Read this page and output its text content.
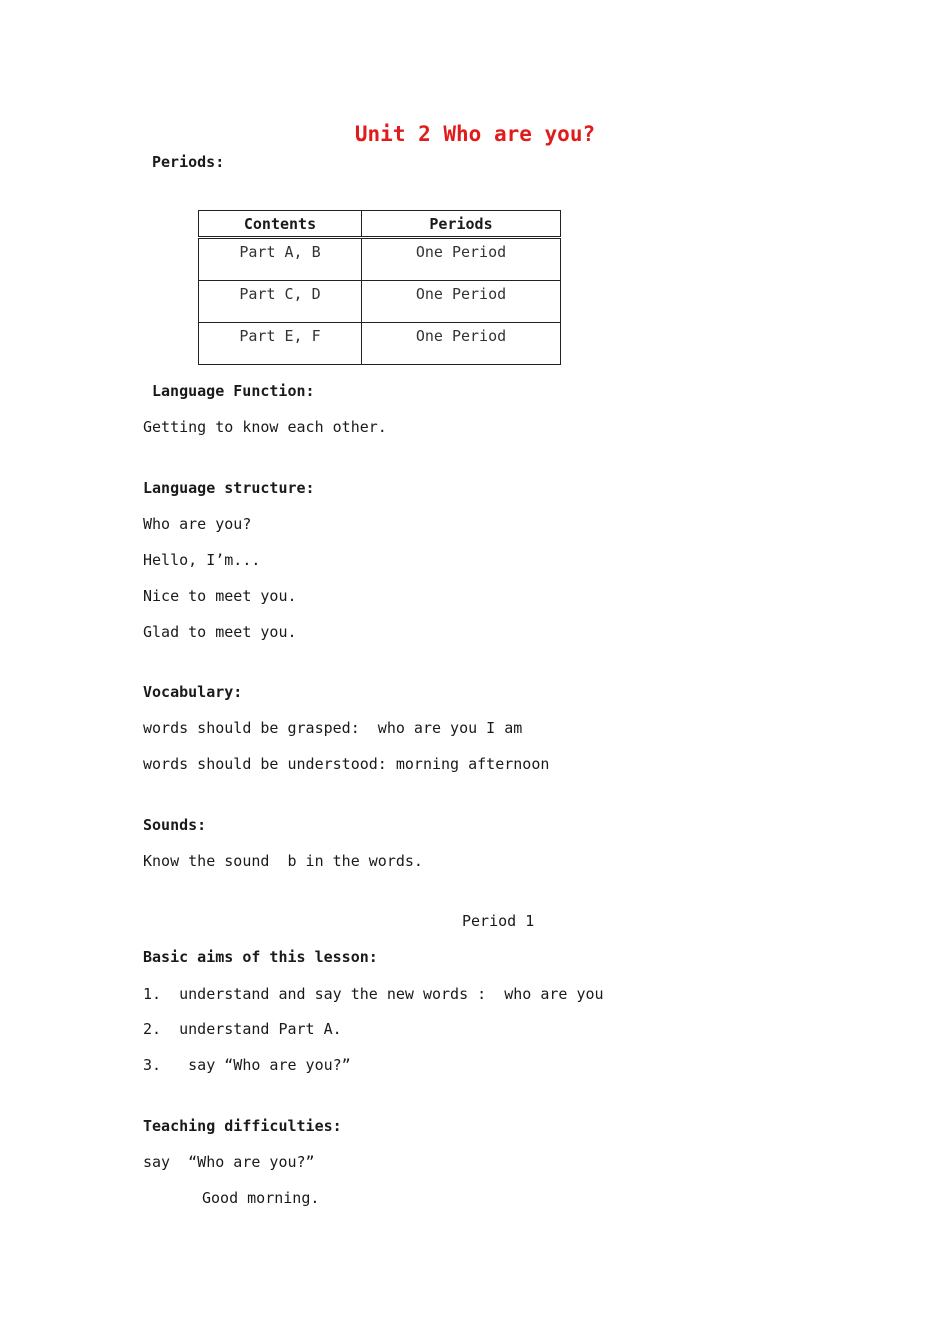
Unit 2 Who are you?
Periods:
Contents	Periods
Part A, B	One Period
Part C, D	One Period
Part E, F	One Period
Language Function:
Getting to know each other.
Language structure:
Who are you?
Hello, I’m...
Nice to meet you.
Glad to meet you.
Vocabulary:
words should be grasped:  who are you I am
words should be understood: morning afternoon
Sounds:
Know the sound  b in the words.
Period 1
Basic aims of this lesson:
1.  understand and say the new words :  who are you
2.  understand Part A.
3.   say “Who are you?”
Teaching difficulties:
say  “Who are you?”
Good morning.
